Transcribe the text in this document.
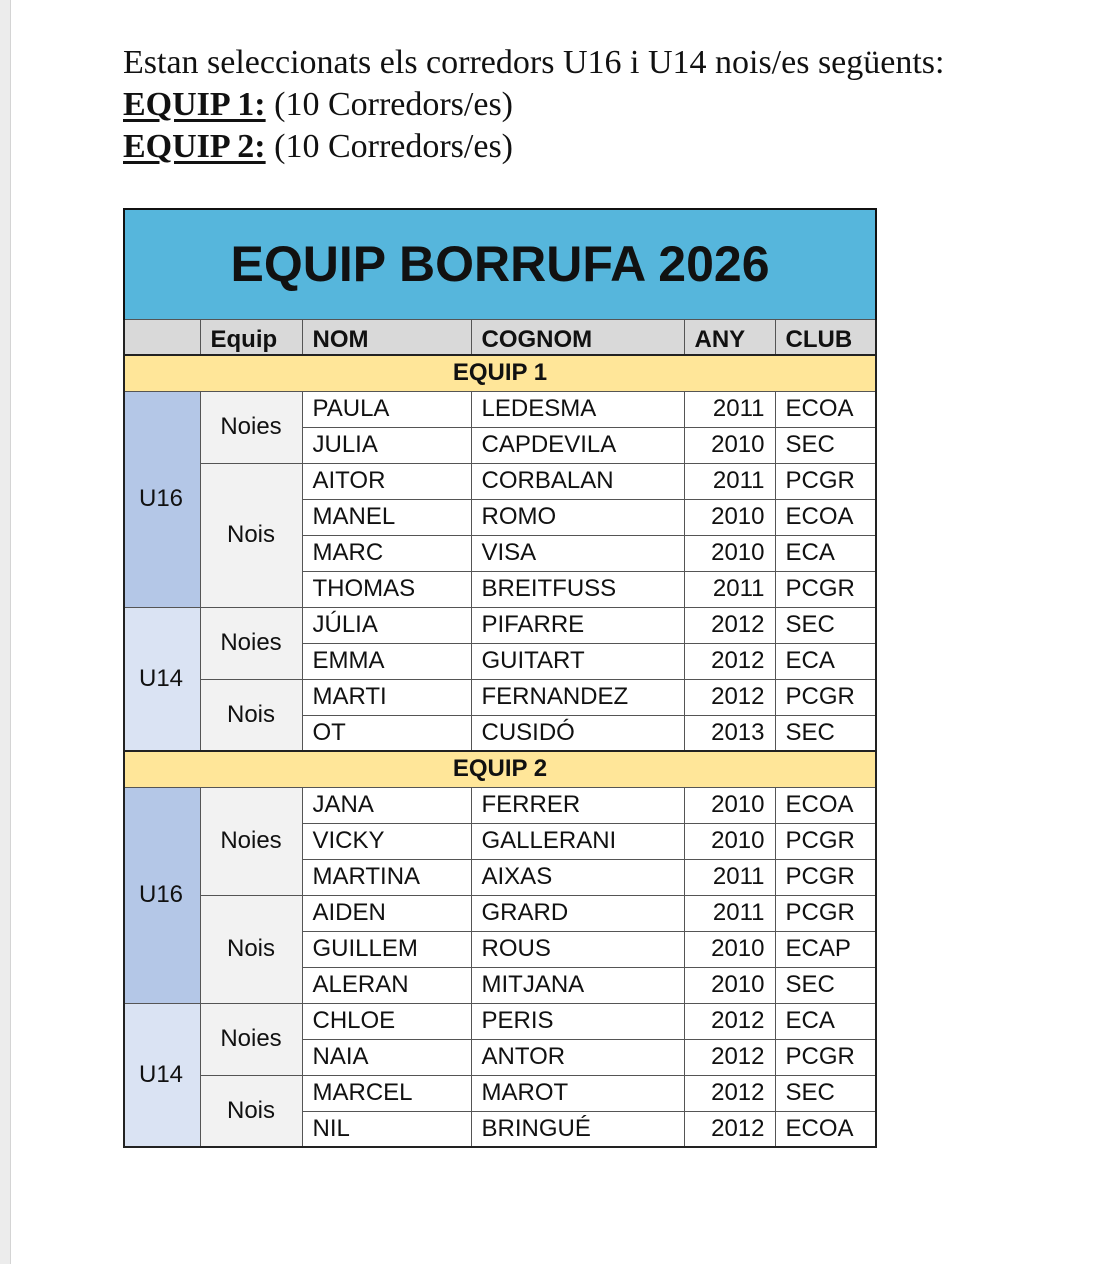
Estan seleccionats els corredors U16 i U14 nois/es següents:
EQUIP 1: (10 Corredors/es)
EQUIP 2: (10 Corredors/es)
EQUIP BORRUFA 2026					
	Equip	NOM	COGNOM	ANY	CLUB
EQUIP 1					
U16	Noies	PAULA	LEDESMA	2011	ECOA
		JULIA	CAPDEVILA	2010	SEC
	Nois	AITOR	CORBALAN	2011	PCGR
		MANEL	ROMO	2010	ECOA
		MARC	VISA	2010	ECA
		THOMAS	BREITFUSS	2011	PCGR
U14	Noies	JÚLIA	PIFARRE	2012	SEC
		EMMA	GUITART	2012	ECA
	Nois	MARTI	FERNANDEZ	2012	PCGR
		OT	CUSIDÓ	2013	SEC
EQUIP 2					
U16	Noies	JANA	FERRER	2010	ECOA
		VICKY	GALLERANI	2010	PCGR
		MARTINA	AIXAS	2011	PCGR
	Nois	AIDEN	GRARD	2011	PCGR
		GUILLEM	ROUS	2010	ECAP
		ALERAN	MITJANA	2010	SEC
U14	Noies	CHLOE	PERIS	2012	ECA
		NAIA	ANTOR	2012	PCGR
	Nois	MARCEL	MAROT	2012	SEC
		NIL	BRINGUÉ	2012	ECOA
